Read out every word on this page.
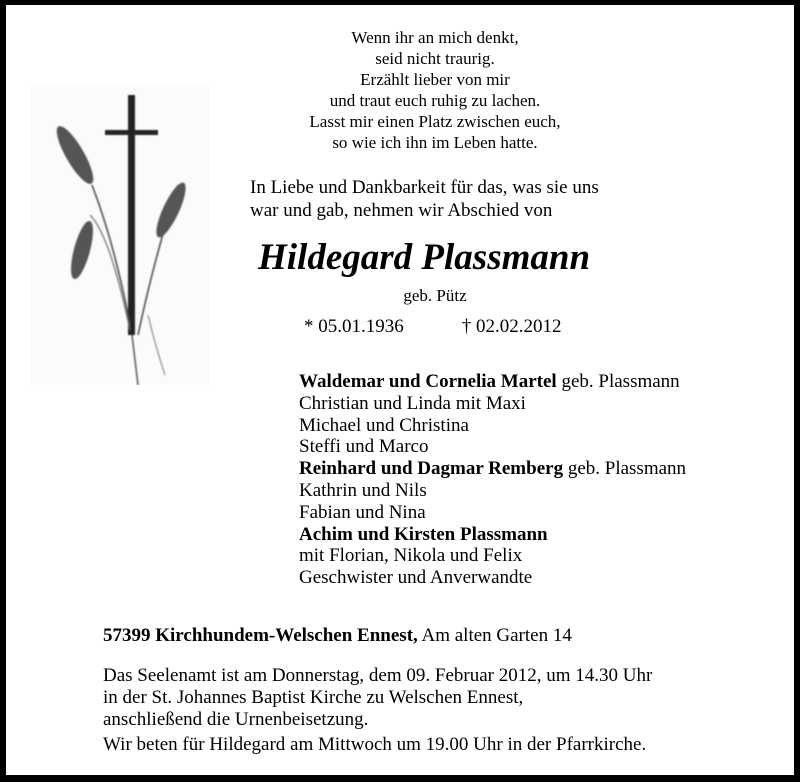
Wenn ihr an mich denkt,
seid nicht traurig.
Erzählt lieber von mir
und traut euch ruhig zu lachen.
Lasst mir einen Platz zwischen euch,
so wie ich ihn im Leben hatte.
In Liebe und Dankbarkeit für das, was sie uns
war und gab, nehmen wir Abschied von
Hildegard Plassmann
geb. Pütz
* 05.01.1936	† 02.02.2012
Waldemar und Cornelia Martel geb. Plassmann
Christian und Linda mit Maxi
Michael und Christina
Steffi und Marco
Reinhard und Dagmar Remberg geb. Plassmann
Kathrin und Nils
Fabian und Nina
Achim und Kirsten Plassmann
mit Florian, Nikola und Felix
Geschwister und Anverwandte
57399 Kirchhundem-Welschen Ennest, Am alten Garten 14
Das Seelenamt ist am Donnerstag, dem 09. Februar 2012, um 14.30 Uhr
in der St. Johannes Baptist Kirche zu Welschen Ennest,
anschließend die Urnenbeisetzung.
Wir beten für Hildegard am Mittwoch um 19.00 Uhr in der Pfarrkirche.
